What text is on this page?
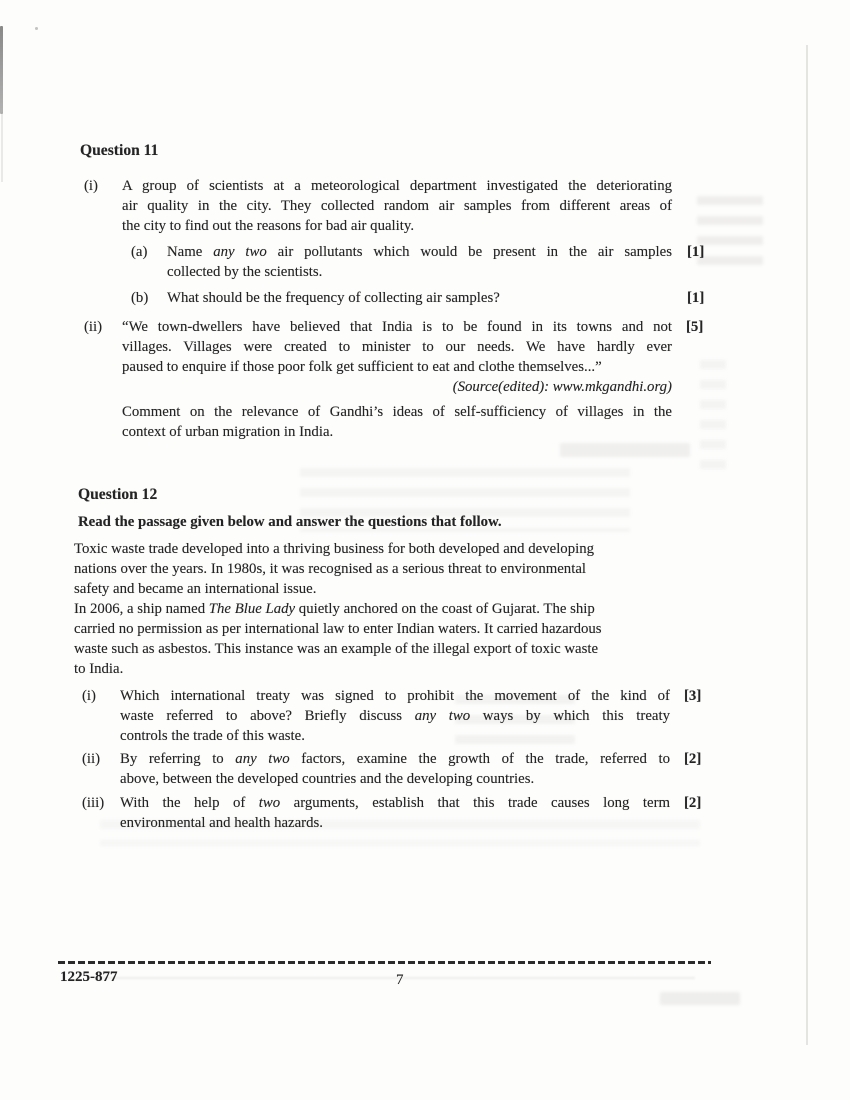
Question 11
(i)	A group of scientists at a meteorological department investigated the deteriorating
air quality in the city. They collected random air samples from different areas of
the city to find out the reasons for bad air quality.
(a)	Name any two air pollutants which would be present in the air samples
collected by the scientists.
[1]
(b)	What should be the frequency of collecting air samples?	[1]
(ii)	“We town-dwellers have believed that India is to be found in its towns and not
villages. Villages were created to minister to our needs. We have hardly ever
paused to enquire if those poor folk get sufficient to eat and clothe themselves...”
(Source(edited): www.mkgandhi.org)
Comment on the relevance of Gandhi’s ideas of self-sufficiency of villages in the
context of urban migration in India.
[5]
Question 12
Read the passage given below and answer the questions that follow.
Toxic waste trade developed into a thriving business for both developed and developing
nations over the years. In 1980s, it was recognised as a serious threat to environmental
safety and became an international issue.
In 2006, a ship named The Blue Lady quietly anchored on the coast of Gujarat. The ship
carried no permission as per international law to enter Indian waters. It carried hazardous
waste such as asbestos. This instance was an example of the illegal export of toxic waste
to India.
(i)	Which international treaty was signed to prohibit the movement of the kind of
waste referred to above? Briefly discuss any two ways by which this treaty
controls the trade of this waste.
[3]
(ii)	By referring to any two factors, examine the growth of the trade, referred to
above, between the developed countries and the developing countries.
[2]
(iii)	With the help of two arguments, establish that this trade causes long term
environmental and health hazards.
[2]
1225-877	7
